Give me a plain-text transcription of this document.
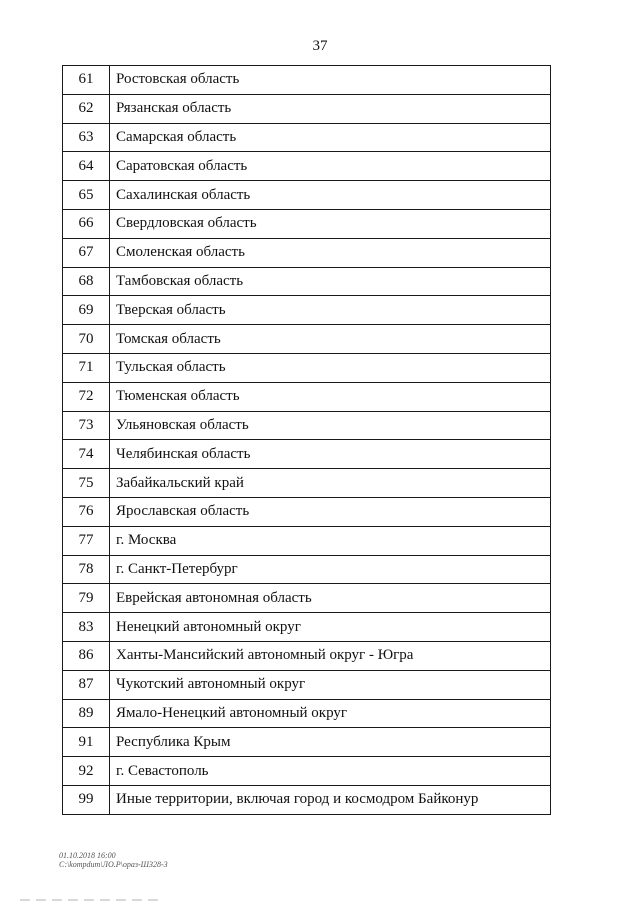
37
61	Ростовская область
62	Рязанская область
63	Самарская область
64	Саратовская область
65	Сахалинская область
66	Свердловская область
67	Смоленская область
68	Тамбовская область
69	Тверская область
70	Томская область
71	Тульская область
72	Тюменская область
73	Ульяновская область
74	Челябинская область
75	Забайкальский край
76	Ярославская область
77	г. Москва
78	г. Санкт-Петербург
79	Еврейская автономная область
83	Ненецкий автономный округ
86	Ханты-Мансийский автономный округ - Югра
87	Чукотский автономный округ
89	Ямало-Ненецкий автономный округ
91	Республика Крым
92	г. Севастополь
99	Иные территории, включая город и космодром Байконур
01.10.2018 16:00
C:\kompdum\ЛО.Р\ораз-ШЗ28-3
